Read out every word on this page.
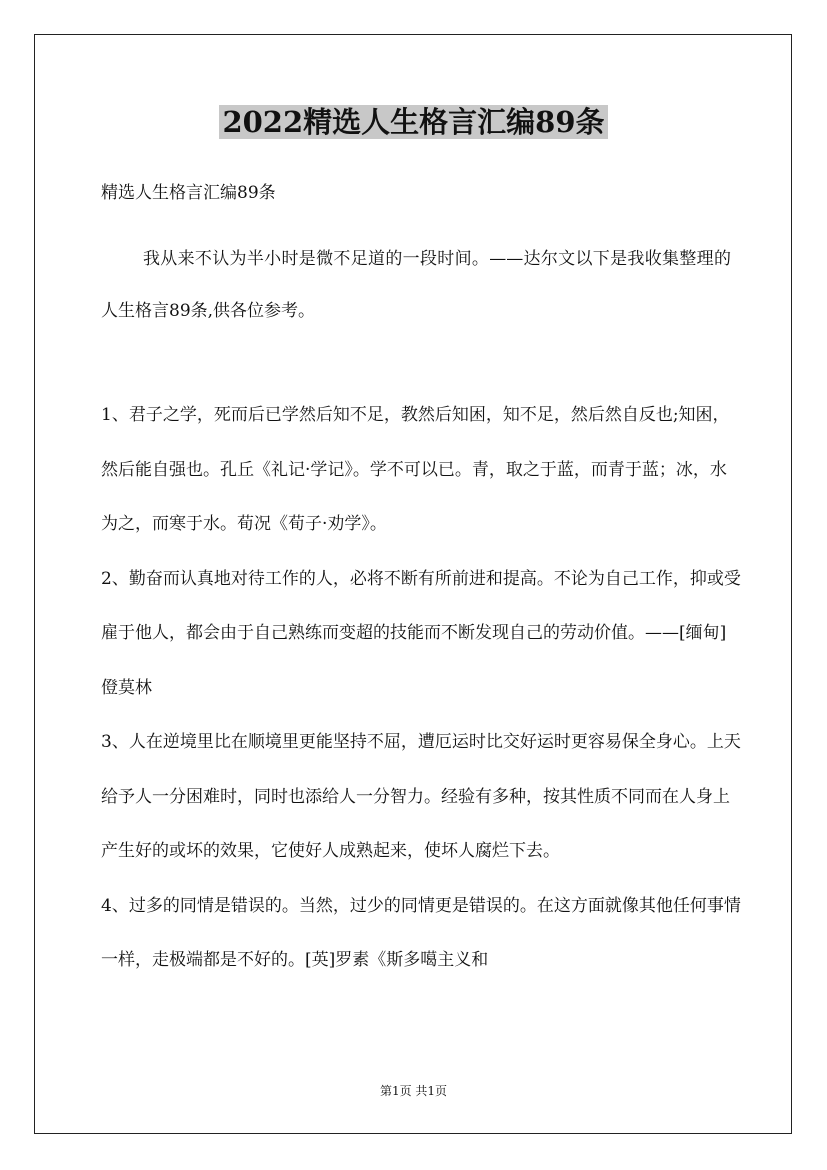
2022精选人生格言汇编89条
精选人生格言汇编89条
我从来不认为半小时是微不足道的一段时间。——达尔文以下是我收集整理的人生格言89条,供各位参考。

1、君子之学，死而后已学然后知不足，教然后知困，知不足，然后然自反也;知困，然后能自强也。孔丘《礼记·学记》。学不可以已。青，取之于蓝，而青于蓝；冰，水为之，而寒于水。荀况《荀子·劝学》。

2、勤奋而认真地对待工作的人，必将不断有所前进和提高。不论为自己工作，抑或受雇于他人，都会由于自己熟练而变超的技能而不断发现自己的劳动价值。——[缅甸]僜莫林

3、人在逆境里比在顺境里更能坚持不屈，遭厄运时比交好运时更容易保全身心。上天给予人一分困难时，同时也添给人一分智力。经验有多种，按其性质不同而在人身上产生好的或坏的效果，它使好人成熟起来，使坏人腐烂下去。

4、过多的同情是错误的。当然，过少的同情更是错误的。在这方面就像其他任何事情一样，走极端都是不好的。[英]罗素《斯多噶主义和

第1页 共1页
